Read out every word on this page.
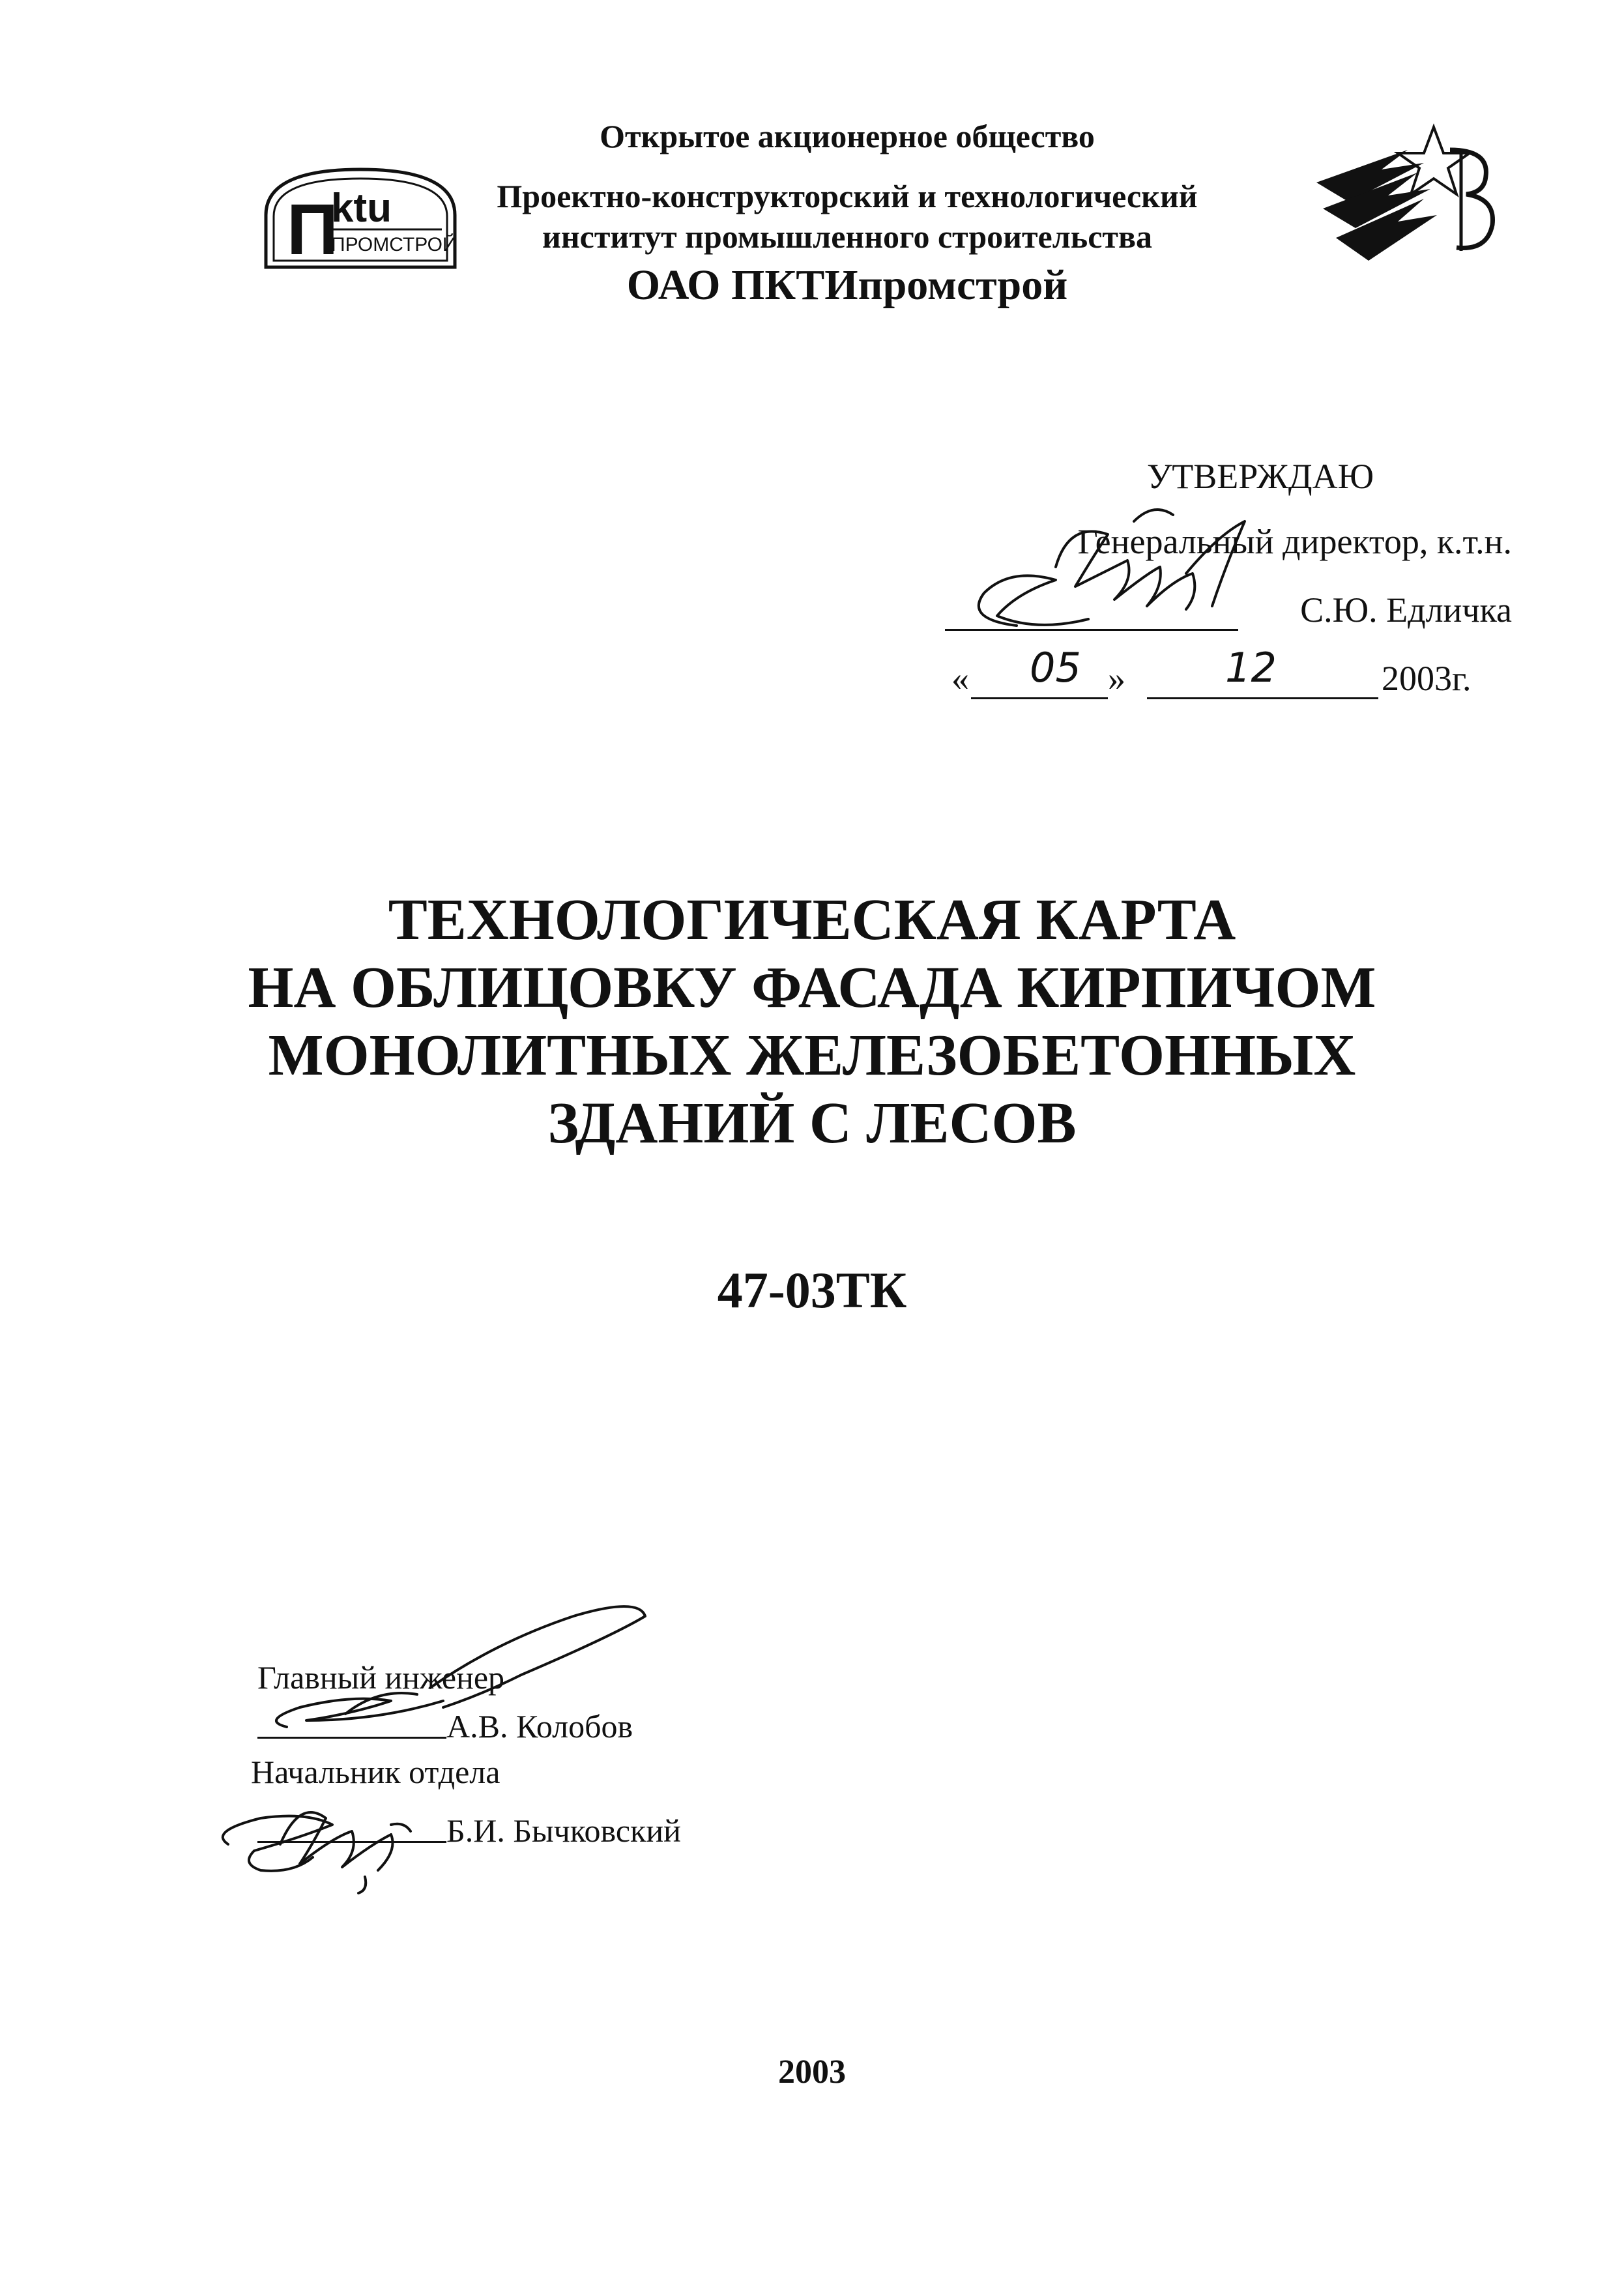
П
ktu
ПРОМСТРОЙ
Открытое акционерное общество
Проектно-конструкторский и технологический
институт промышленного строительства
ОАО ПКТИпромстрой
УТВЕРЖДАЮ
Генеральный директор, к.т.н.
С.Ю. Едличка
« 05 » 12	2003г.
ТЕХНОЛОГИЧЕСКАЯ КАРТА
НА ОБЛИЦОВКУ ФАСАДА КИРПИЧОМ
МОНОЛИТНЫХ ЖЕЛЕЗОБЕТОННЫХ
ЗДАНИЙ С ЛЕСОВ
47-03ТК
Главный инженер
А.В. Колобов
Начальник отдела
Б.И. Бычковский
2003
